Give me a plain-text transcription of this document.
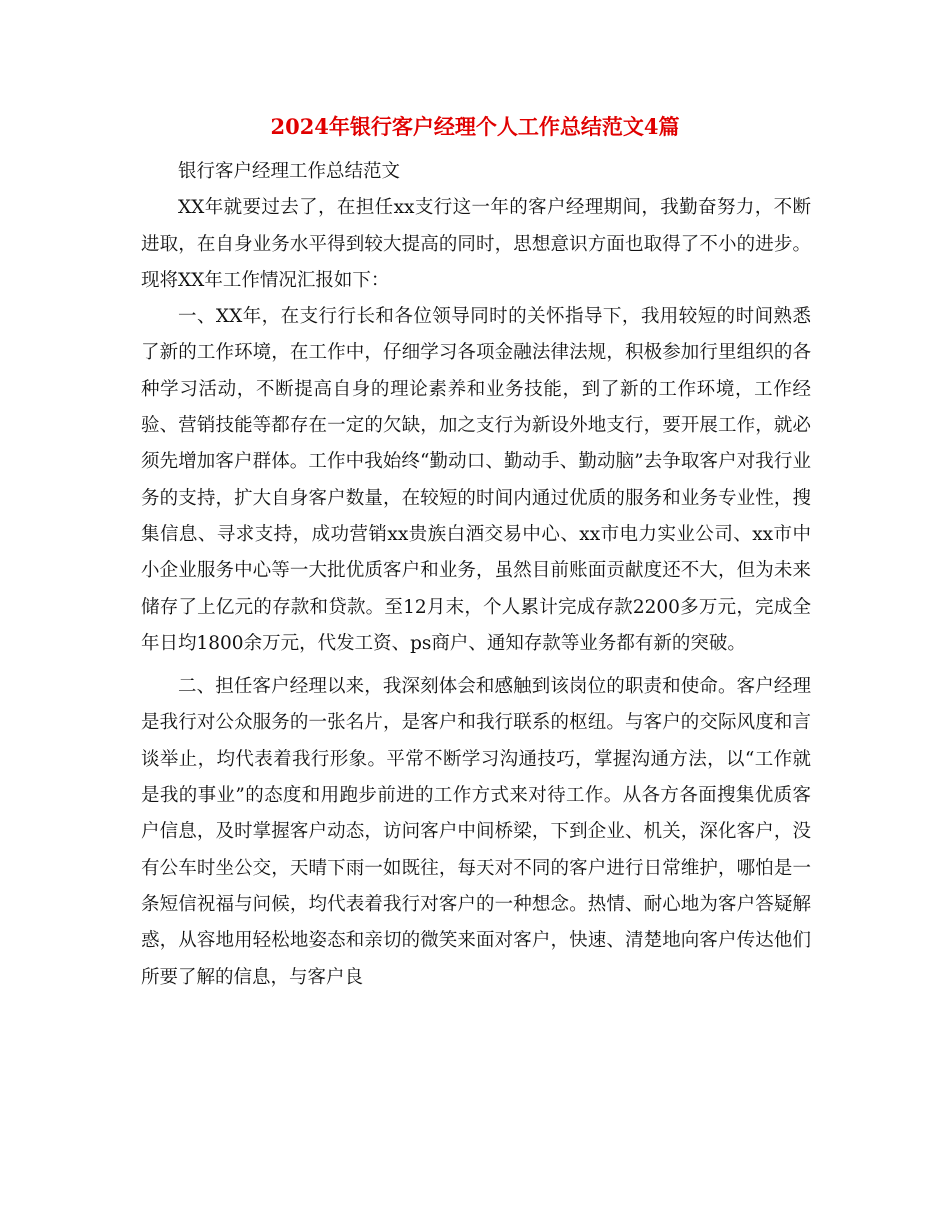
2024年银行客户经理个人工作总结范文4篇

银行客户经理工作总结范文

XX年就要过去了，在担任xx支行这一年的客户经理期间，我勤奋努力，不断进取，在自身业务水平得到较大提高的同时，思想意识方面也取得了不小的进步。现将XX年工作情况汇报如下：

一、XX年，在支行行长和各位领导同时的关怀指导下，我用较短的时间熟悉了新的工作环境，在工作中，仔细学习各项金融法律法规，积极参加行里组织的各种学习活动，不断提高自身的理论素养和业务技能，到了新的工作环境，工作经验、营销技能等都存在一定的欠缺，加之支行为新设外地支行，要开展工作，就必须先增加客户群体。工作中我始终“勤动口、勤动手、勤动脑”去争取客户对我行业务的支持，扩大自身客户数量，在较短的时间内通过优质的服务和业务专业性，搜集信息、寻求支持，成功营销xx贵族白酒交易中心、xx市电力实业公司、xx市中小企业服务中心等一大批优质客户和业务，虽然目前账面贡献度还不大，但为未来储存了上亿元的存款和贷款。至12月末，个人累计完成存款2200多万元，完成全年日均1800余万元，代发工资、ps商户、通知存款等业务都有新的突破。

二、担任客户经理以来，我深刻体会和感触到该岗位的职责和使命。客户经理是我行对公众服务的一张名片，是客户和我行联系的枢纽。与客户的交际风度和言谈举止，均代表着我行形象。平常不断学习沟通技巧，掌握沟通方法，以“工作就是我的事业”的态度和用跑步前进的工作方式来对待工作。从各方各面搜集优质客户信息，及时掌握客户动态，访问客户中间桥梁，下到企业、机关，深化客户，没有公车时坐公交，天晴下雨一如既往，每天对不同的客户进行日常维护，哪怕是一条短信祝福与问候，均代表着我行对客户的一种想念。热情、耐心地为客户答疑解惑，从容地用轻松地姿态和亲切的微笑来面对客户，快速、清楚地向客户传达他们所要了解的信息，与客户良
